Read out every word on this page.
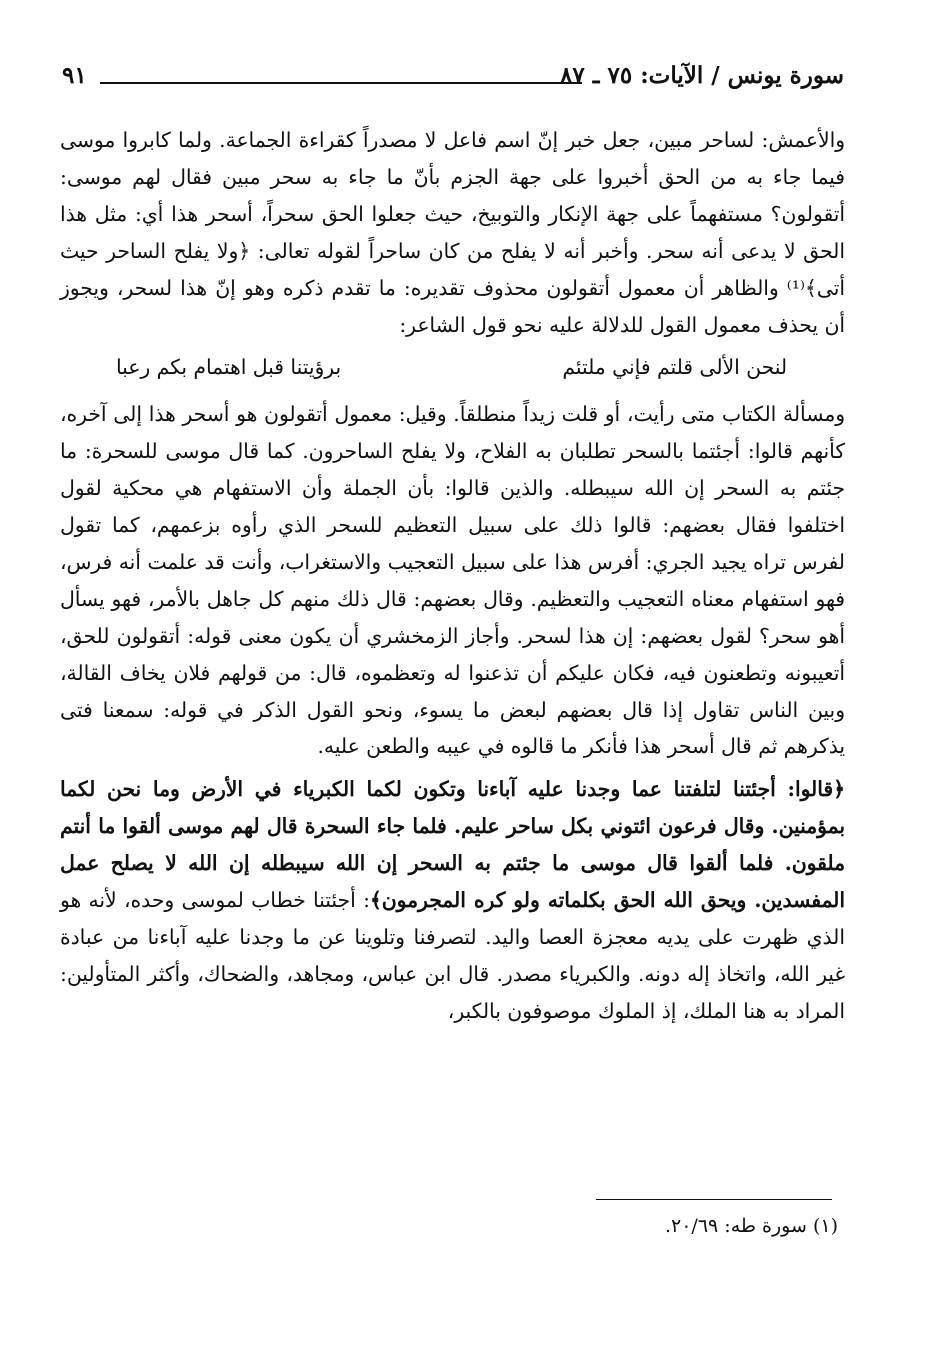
سورة يونس / الآيات: ٧٥ ـ ٨٧
٩١

والأعمش: لساحر مبين، جعل خبر إنّ اسم فاعل لا مصدراً كقراءة الجماعة. ولما كابروا موسى فيما جاء به من الحق أخبروا على جهة الجزم بأنّ ما جاء به سحر مبين فقال لهم موسى: أتقولون؟ مستفهماً على جهة الإنكار والتوبيخ، حيث جعلوا الحق سحراً، أسحر هذا أي: مثل هذا الحق لا يدعى أنه سحر. وأخبر أنه لا يفلح من كان ساحراً لقوله تعالى: ﴿ولا يفلح الساحر حيث أتى﴾⁽¹⁾ والظاهر أن معمول أتقولون محذوف تقديره: ما تقدم ذكره وهو إنّ هذا لسحر، ويجوز أن يحذف معمول القول للدلالة عليه نحو قول الشاعر:

لنحن الألى قلتم فإني ملتئم
برؤيتنا قبل اهتمام بكم رعبا

ومسألة الكتاب متى رأيت، أو قلت زيداً منطلقاً. وقيل: معمول أتقولون هو أسحر هذا إلى آخره، كأنهم قالوا: أجئتما بالسحر تطلبان به الفلاح، ولا يفلح الساحرون. كما قال موسى للسحرة: ما جئتم به السحر إن الله سيبطله. والذين قالوا: بأن الجملة وأن الاستفهام هي محكية لقول اختلفوا فقال بعضهم: قالوا ذلك على سبيل التعظيم للسحر الذي رأوه بزعمهم، كما تقول لفرس تراه يجيد الجري: أفرس هذا على سبيل التعجيب والاستغراب، وأنت قد علمت أنه فرس، فهو استفهام معناه التعجيب والتعظيم. وقال بعضهم: قال ذلك منهم كل جاهل بالأمر، فهو يسأل أهو سحر؟ لقول بعضهم: إن هذا لسحر. وأجاز الزمخشري أن يكون معنى قوله: أتقولون للحق، أتعيبونه وتطعنون فيه، فكان عليكم أن تذعنوا له وتعظموه، قال: من قولهم فلان يخاف القالة، وبين الناس تقاول إذا قال بعضهم لبعض ما يسوء، ونحو القول الذكر في قوله: سمعنا فتى يذكرهم ثم قال أسحر هذا فأنكر ما قالوه في عيبه والطعن عليه.

﴿قالوا: أجئتنا لتلفتنا عما وجدنا عليه آباءنا وتكون لكما الكبرياء في الأرض وما نحن لكما بمؤمنين. وقال فرعون ائتوني بكل ساحر عليم. فلما جاء السحرة قال لهم موسى ألقوا ما أنتم ملقون. فلما ألقوا قال موسى ما جئتم به السحر إن الله سيبطله إن الله لا يصلح عمل المفسدين. ويحق الله الحق بكلماته ولو كره المجرمون﴾: أجئتنا خطاب لموسى وحده، لأنه هو الذي ظهرت على يديه معجزة العصا واليد. لتصرفنا وتلوينا عن ما وجدنا عليه آباءنا من عبادة غير الله، واتخاذ إله دونه. والكبرياء مصدر. قال ابن عباس، ومجاهد، والضحاك، وأكثر المتأولين: المراد به هنا الملك، إذ الملوك موصوفون بالكبر،

(١) سورة طه: ٢٠/٦٩.
